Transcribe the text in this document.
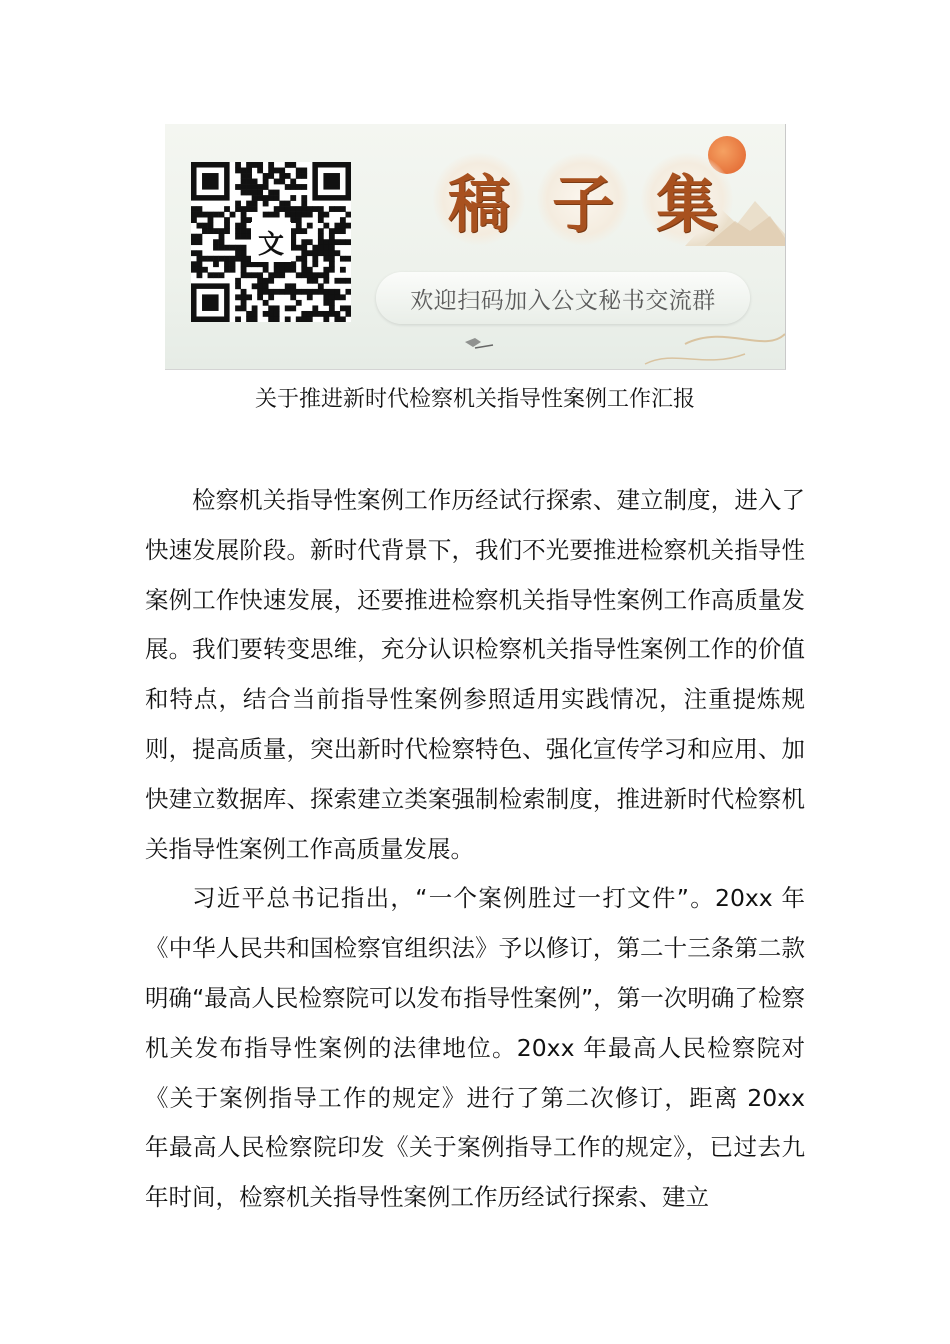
文
稿 子 集
欢迎扫码加入公文秘书交流群
关于推进新时代检察机关指导性案例工作汇报

检察机关指导性案例工作历经试行探索、建立制度，进入了快速发展阶段。新时代背景下，我们不光要推进检察机关指导性案例工作快速发展，还要推进检察机关指导性案例工作高质量发展。我们要转变思维，充分认识检察机关指导性案例工作的价值和特点，结合当前指导性案例参照适用实践情况，注重提炼规则，提高质量，突出新时代检察特色、强化宣传学习和应用、加快建立数据库、探索建立类案强制检索制度，推进新时代检察机关指导性案例工作高质量发展。

习近平总书记指出，“一个案例胜过一打文件”。20xx 年《中华人民共和国检察官组织法》予以修订，第二十三条第二款明确“最高人民检察院可以发布指导性案例”，第一次明确了检察机关发布指导性案例的法律地位。20xx 年最高人民检察院对《关于案例指导工作的规定》进行了第二次修订，距离 20xx 年最高人民检察院印发《关于案例指导工作的规定》，已过去九年时间，检察机关指导性案例工作历经试行探索、建立
